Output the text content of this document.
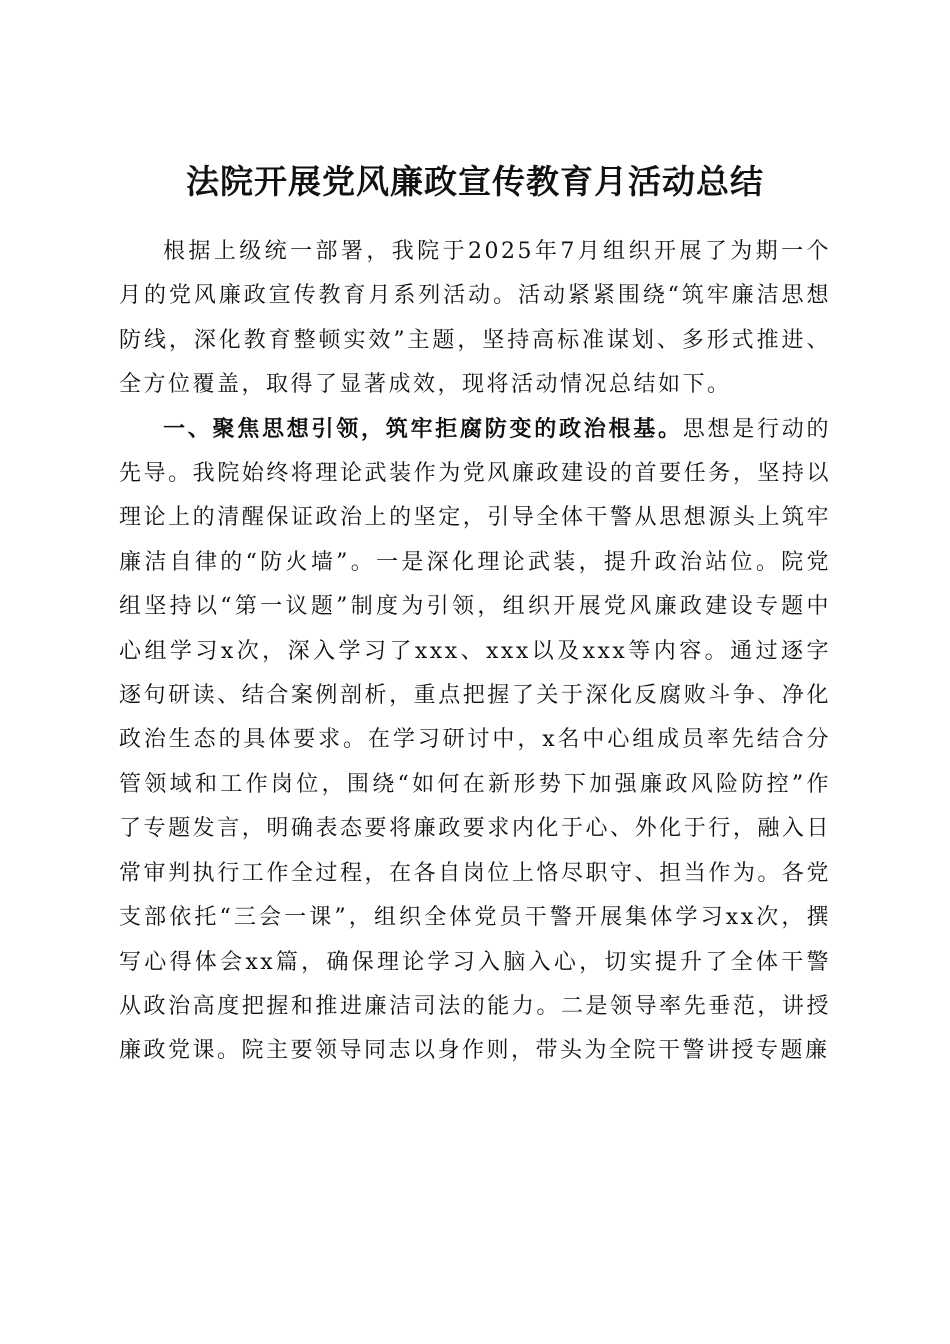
法院开展党风廉政宣传教育月活动总结

根据上级统一部署，我院于2025年7月组织开展了为期一个月的党风廉政宣传教育月系列活动。活动紧紧围绕“筑牢廉洁思想防线，深化教育整顿实效”主题，坚持高标准谋划、多形式推进、全方位覆盖，取得了显著成效，现将活动情况总结如下。

一、聚焦思想引领，筑牢拒腐防变的政治根基。思想是行动的先导。我院始终将理论武装作为党风廉政建设的首要任务，坚持以理论上的清醒保证政治上的坚定，引导全体干警从思想源头上筑牢廉洁自律的“防火墙”。一是深化理论武装，提升政治站位。院党组坚持以“第一议题”制度为引领，组织开展党风廉政建设专题中心组学习x次，深入学习了xxx、xxx以及xxx等内容。通过逐字逐句研读、结合案例剖析，重点把握了关于深化反腐败斗争、净化政治生态的具体要求。在学习研讨中，x名中心组成员率先结合分管领域和工作岗位，围绕“如何在新形势下加强廉政风险防控”作了专题发言，明确表态要将廉政要求内化于心、外化于行，融入日常审判执行工作全过程，在各自岗位上恪尽职守、担当作为。各党支部依托“三会一课”，组织全体党员干警开展集体学习xx次，撰写心得体会xx篇，确保理论学习入脑入心，切实提升了全体干警从政治高度把握和推进廉洁司法的能力。二是领导率先垂范，讲授廉政党课。院主要领导同志以身作则，带头为全院干警讲授专题廉
